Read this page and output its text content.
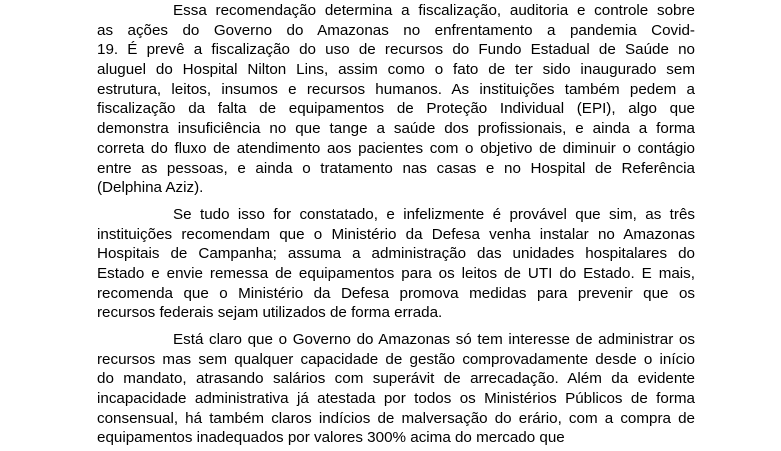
Essa recomendação determina a fiscalização, auditoria e controle sobre
as ações do Governo do Amazonas no enfrentamento a pandemia Covid-
19. É prevê a fiscalização do uso de recursos do Fundo Estadual de Saúde no
aluguel do Hospital Nilton Lins, assim como o fato de ter sido inaugurado sem
estrutura, leitos, insumos e recursos humanos. As instituições também pedem a
fiscalização da falta de equipamentos de Proteção Individual (EPI), algo que
demonstra insuficiência no que tange a saúde dos profissionais, e ainda a forma
correta do fluxo de atendimento aos pacientes com o objetivo de diminuir o contágio
entre as pessoas, e ainda o tratamento nas casas e no Hospital de Referência
(Delphina Aziz).

Se tudo isso for constatado, e infelizmente é provável que sim, as três
instituições recomendam que o Ministério da Defesa venha instalar no Amazonas
Hospitais de Campanha; assuma a administração das unidades hospitalares do
Estado e envie remessa de equipamentos para os leitos de UTI do Estado. E mais,
recomenda que o Ministério da Defesa promova medidas para prevenir que os
recursos federais sejam utilizados de forma errada.

Está claro que o Governo do Amazonas só tem interesse de administrar os
recursos mas sem qualquer capacidade de gestão comprovadamente desde o início
do mandato, atrasando salários com superávit de arrecadação. Além da evidente
incapacidade administrativa já atestada por todos os Ministérios Públicos de forma
consensual, há também claros indícios de malversação do erário, com a compra de
equipamentos inadequados por valores 300% acima do mercado que
